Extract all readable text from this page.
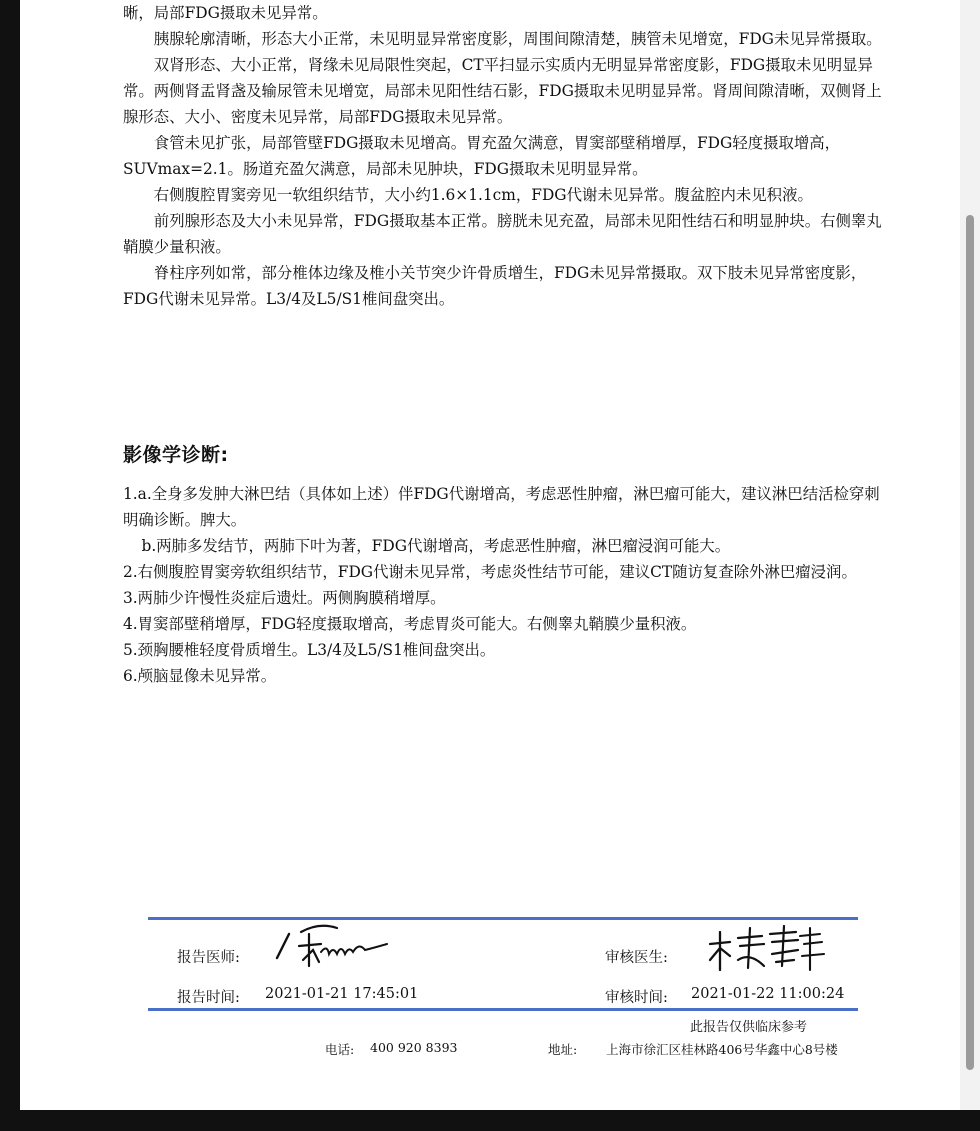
晰，局部FDG摄取未见异常。

胰腺轮廓清晰，形态大小正常，未见明显异常密度影，周围间隙清楚，胰管未见增宽，FDG未见异常摄取。

双肾形态、大小正常，肾缘未见局限性突起，CT平扫显示实质内无明显异常密度影，FDG摄取未见明显异常。两侧肾盂肾盏及输尿管未见增宽，局部未见阳性结石影，FDG摄取未见明显异常。肾周间隙清晰，双侧肾上腺形态、大小、密度未见异常，局部FDG摄取未见异常。

食管未见扩张，局部管壁FDG摄取未见增高。胃充盈欠满意，胃窦部壁稍增厚，FDG轻度摄取增高，SUVmax=2.1。肠道充盈欠满意，局部未见肿块，FDG摄取未见明显异常。

右侧腹腔胃窦旁见一软组织结节，大小约1.6×1.1cm，FDG代谢未见异常。腹盆腔内未见积液。

前列腺形态及大小未见异常，FDG摄取基本正常。膀胱未见充盈，局部未见阳性结石和明显肿块。右侧睾丸鞘膜少量积液。

脊柱序列如常，部分椎体边缘及椎小关节突少许骨质增生，FDG未见异常摄取。双下肢未见异常密度影，FDG代谢未见异常。L3/4及L5/S1椎间盘突出。

影像学诊断:

1.a.全身多发肿大淋巴结（具体如上述）伴FDG代谢增高，考虑恶性肿瘤，淋巴瘤可能大，建议淋巴结活检穿刺明确诊断。脾大。

b.两肺多发结节，两肺下叶为著，FDG代谢增高，考虑恶性肿瘤，淋巴瘤浸润可能大。

2.右侧腹腔胃窦旁软组织结节，FDG代谢未见异常，考虑炎性结节可能，建议CT随访复查除外淋巴瘤浸润。

3.两肺少许慢性炎症后遗灶。两侧胸膜稍增厚。

4.胃窦部壁稍增厚，FDG轻度摄取增高，考虑胃炎可能大。右侧睾丸鞘膜少量积液。

5.颈胸腰椎轻度骨质增生。L3/4及L5/S1椎间盘突出。

6.颅脑显像未见异常。

报告医师:	审核医生:
报告时间: 2021-01-21 17:45:01	审核时间: 2021-01-22 11:00:24
此报告仅供临床参考
电话: 400 920 8393	地址: 上海市徐汇区桂林路406号华鑫中心8号楼
